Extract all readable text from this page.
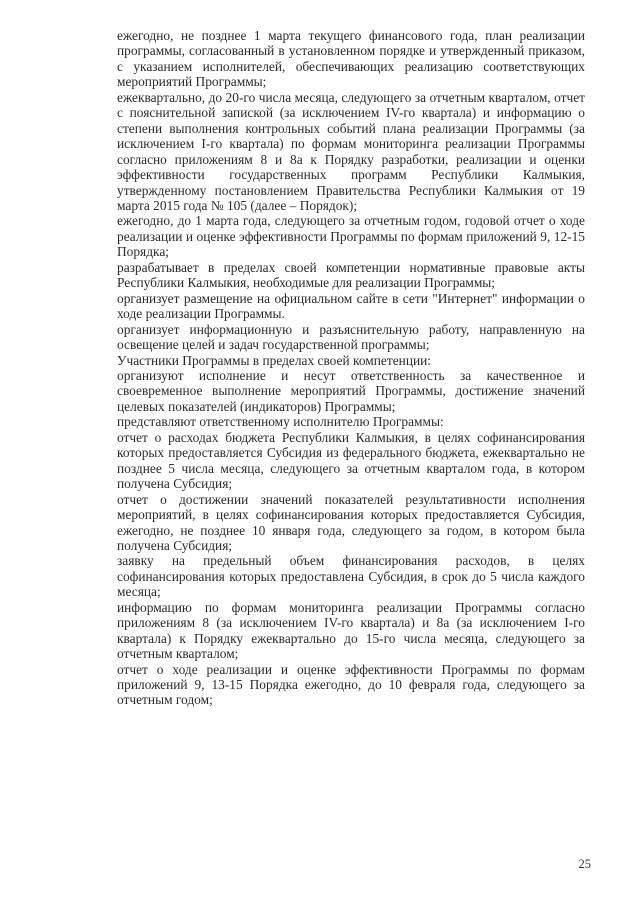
ежегодно, не позднее 1 марта текущего финансового года, план реализации программы, согласованный в установленном порядке и утвержденный приказом, с указанием исполнителей, обеспечивающих реализацию соответствующих мероприятий Программы;

ежеквартально, до 20-го числа месяца, следующего за отчетным кварталом, отчет с пояснительной запиской (за исключением IV-го квартала) и информацию о степени выполнения контрольных событий плана реализации Программы (за исключением I-го квартала) по формам мониторинга реализации Программы согласно приложениям 8 и 8а к Порядку разработки, реализации и оценки эффективности государственных программ Республики Калмыкия, утвержденному постановлением Правительства Республики Калмыкия от 19 марта 2015 года № 105 (далее – Порядок);

ежегодно, до 1 марта года, следующего за отчетным годом, годовой отчет о ходе реализации и оценке эффективности Программы по формам приложений 9, 12-15 Порядка;

разрабатывает в пределах своей компетенции нормативные правовые акты Республики Калмыкия, необходимые для реализации Программы;

организует размещение на официальном сайте в сети "Интернет" информации о ходе реализации Программы.

организует информационную и разъяснительную работу, направленную на освещение целей и задач государственной программы;

Участники Программы в пределах своей компетенции:

организуют исполнение и несут ответственность за качественное и своевременное выполнение мероприятий Программы, достижение значений целевых показателей (индикаторов) Программы;

представляют ответственному исполнителю Программы:

отчет о расходах бюджета Республики Калмыкия, в целях софинансирования которых предоставляется Субсидия из федерального бюджета, ежеквартально не позднее 5 числа месяца, следующего за отчетным кварталом года, в котором получена Субсидия;

отчет о достижении значений показателей результативности исполнения мероприятий, в целях софинансирования которых предоставляется Субсидия, ежегодно, не позднее 10 января года, следующего за годом, в котором была получена Субсидия;

заявку на предельный объем финансирования расходов, в целях софинансирования которых предоставлена Субсидия, в срок до 5 числа каждого месяца;

информацию по формам мониторинга реализации Программы согласно приложениям 8 (за исключением IV-го квартала) и 8а (за исключением I-го квартала) к Порядку ежеквартально до 15-го числа месяца, следующего за отчетным кварталом;

отчет о ходе реализации и оценке эффективности Программы по формам приложений 9, 13-15 Порядка ежегодно, до 10 февраля года, следующего за отчетным годом;

25
